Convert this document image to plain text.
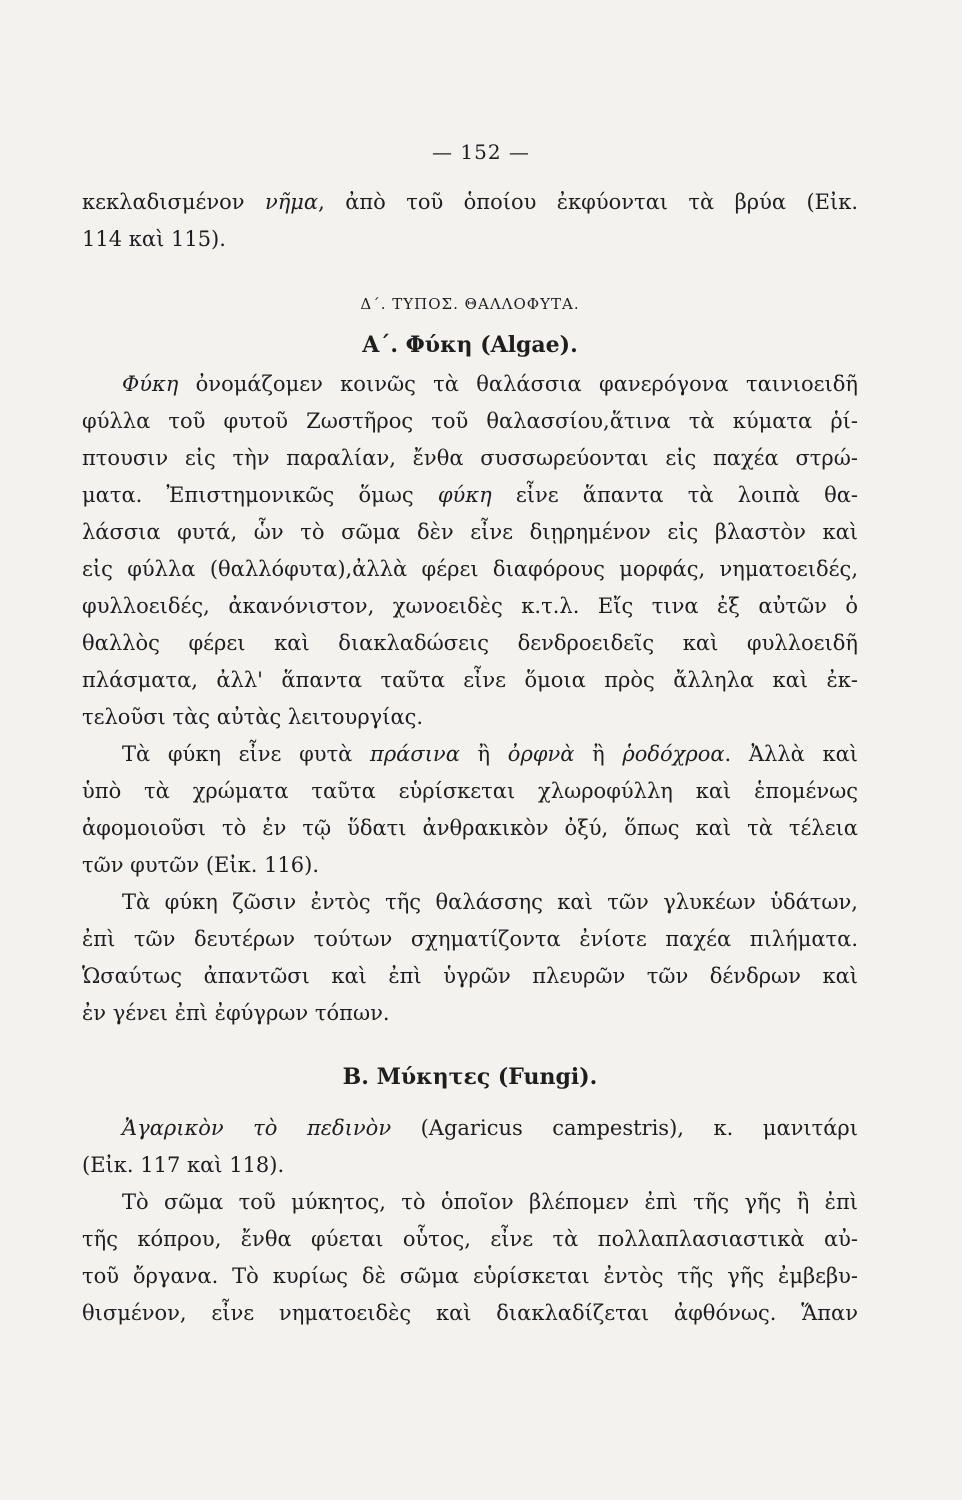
— 152 —
κεκλαδισμένον νῆμα, ἀπὸ τοῦ ὁποίου ἐκφύονται τὰ βρύα (Εἰκ.
114 καὶ 115).
Δ΄. ΤΥΠΟΣ. ΘΑΛΛΟΦΥΤΑ.
Α΄. Φύκη (Algae).
Φύκη ὀνομάζομεν κοινῶς τὰ θαλάσσια φανερόγονα ταινιοειδῆ
φύλλα τοῦ φυτοῦ Ζωστῆρος τοῦ θαλασσίου,ἅτινα τὰ κύματα ῥί-
πτουσιν εἰς τὴν παραλίαν, ἔνθα συσσωρεύονται εἰς παχέα στρώ-
ματα. Ἐπιστημονικῶς ὅμως φύκη εἶνε ἅπαντα τὰ λοιπὰ θα-
λάσσια φυτά, ὧν τὸ σῶμα δὲν εἶνε διῃρημένον εἰς βλαστὸν καὶ
εἰς φύλλα (θαλλόφυτα),ἀλλὰ φέρει διαφόρους μορφάς, νηματοειδές,
φυλλοειδές, ἀκανόνιστον, χωνοειδὲς κ.τ.λ. Εἴς τινα ἐξ αὐτῶν ὁ
θαλλὸς φέρει καὶ διακλαδώσεις δενδροειδεῖς καὶ φυλλοειδῆ
πλάσματα, ἀλλ' ἅπαντα ταῦτα εἶνε ὅμοια πρὸς ἄλληλα καὶ ἐκ-
τελοῦσι τὰς αὐτὰς λειτουργίας.
Τὰ φύκη εἶνε φυτὰ πράσινα ἢ ὀρφνὰ ἢ ῥοδόχροα. Ἀλλὰ καὶ
ὑπὸ τὰ χρώματα ταῦτα εὑρίσκεται χλωροφύλλη καὶ ἑπομένως
ἀφομοιοῦσι τὸ ἐν τῷ ὕδατι ἀνθρακικὸν ὀξύ, ὅπως καὶ τὰ τέλεια
τῶν φυτῶν (Εἰκ. 116).
Τὰ φύκη ζῶσιν ἐντὸς τῆς θαλάσσης καὶ τῶν γλυκέων ὑδάτων,
ἐπὶ τῶν δευτέρων τούτων σχηματίζοντα ἐνίοτε παχέα πιλήματα.
Ὡσαύτως ἀπαντῶσι καὶ ἐπὶ ὑγρῶν πλευρῶν τῶν δένδρων καὶ
ἐν γένει ἐπὶ ἐφύγρων τόπων.
Β. Μύκητες (Fungi).
Ἀγαρικὸν τὸ πεδινὸν (Agaricus campestris), κ. μανιτάρι
(Εἰκ. 117 καὶ 118).
Τὸ σῶμα τοῦ μύκητος, τὸ ὁποῖον βλέπομεν ἐπὶ τῆς γῆς ἢ ἐπὶ
τῆς κόπρου, ἔνθα φύεται οὗτος, εἶνε τὰ πολλαπλασιαστικὰ αὐ-
τοῦ ὄργανα. Τὸ κυρίως δὲ σῶμα εὑρίσκεται ἐντὸς τῆς γῆς ἐμβεβυ-
θισμένον, εἶνε νηματοειδὲς καὶ διακλαδίζεται ἀφθόνως. Ἅπαν
